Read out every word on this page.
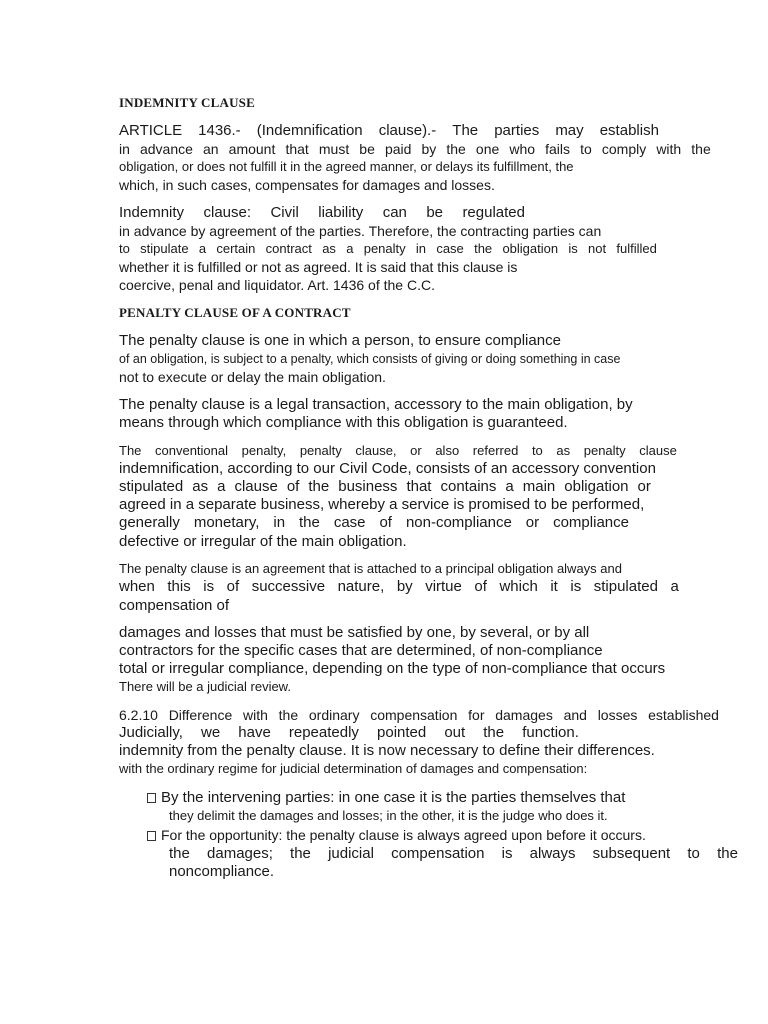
INDEMNITY CLAUSE
ARTICLE 1436.- (Indemnification clause).- The parties may establish
in advance an amount that must be paid by the one who fails to comply with the
obligation, or does not fulfill it in the agreed manner, or delays its fulfillment, the
which, in such cases, compensates for damages and losses.
Indemnity clause: Civil liability can be regulated
in advance by agreement of the parties. Therefore, the contracting parties can
to stipulate a certain contract as a penalty in case the obligation is not fulfilled
whether it is fulfilled or not as agreed. It is said that this clause is
coercive, penal and liquidator. Art. 1436 of the C.C.
PENALTY CLAUSE OF A CONTRACT
The penalty clause is one in which a person, to ensure compliance
of an obligation, is subject to a penalty, which consists of giving or doing something in case
not to execute or delay the main obligation.
The penalty clause is a legal transaction, accessory to the main obligation, by
means through which compliance with this obligation is guaranteed.
The conventional penalty, penalty clause, or also referred to as penalty clause
indemnification, according to our Civil Code, consists of an accessory convention
stipulated as a clause of the business that contains a main obligation or
agreed in a separate business, whereby a service is promised to be performed,
generally monetary, in the case of non-compliance or compliance
defective or irregular of the main obligation.
The penalty clause is an agreement that is attached to a principal obligation always and
when this is of successive nature, by virtue of which it is stipulated a
compensation of
damages and losses that must be satisfied by one, by several, or by all
contractors for the specific cases that are determined, of non-compliance
total or irregular compliance, depending on the type of non-compliance that occurs
There will be a judicial review.
6.2.10 Difference with the ordinary compensation for damages and losses established
Judicially, we have repeatedly pointed out the function.
indemnity from the penalty clause. It is now necessary to define their differences.
with the ordinary regime for judicial determination of damages and compensation:
By the intervening parties: in one case it is the parties themselves that
they delimit the damages and losses; in the other, it is the judge who does it.
For the opportunity: the penalty clause is always agreed upon before it occurs.
the damages; the judicial compensation is always subsequent to the
noncompliance.
